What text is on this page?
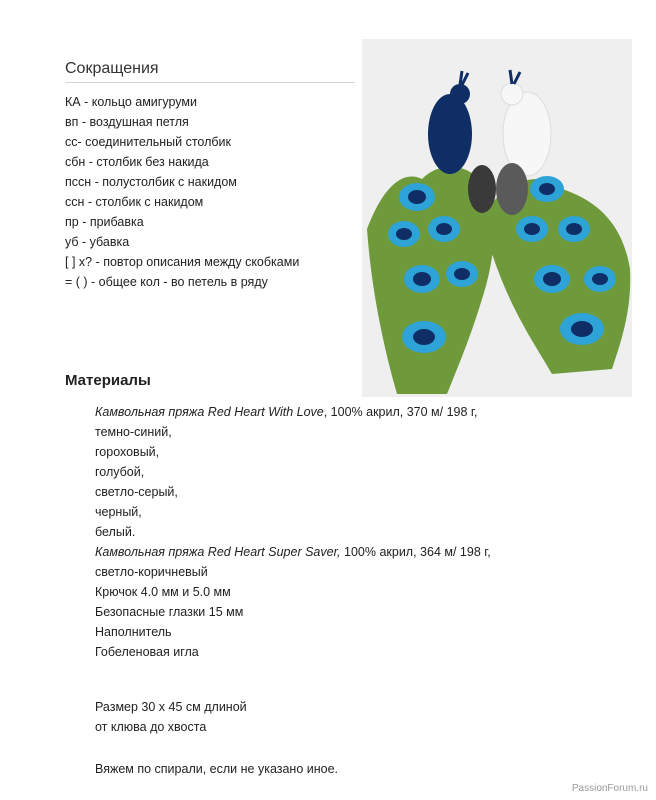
Сокращения
КА - кольцо амигуруми
вп - воздушная петля
сс- соединительный столбик
сбн - столбик без накида
пссн - полустолбик с накидом
ссн - столбик с накидом
пр - прибавка
уб - убавка
[ ] x? - повтор описания между скобками
= ( ) - общее кол - во петель в ряду
Материалы
Камвольная пряжа Red Heart With Love, 100% акрил, 370 м/ 198 г,
темно-синий,
гороховый,
голубой,
светло-серый,
черный,
белый.
Камвольная пряжа Red Heart Super Saver, 100% акрил, 364 м/ 198 г,
светло-коричневый
Крючок 4.0 мм и 5.0 мм
Безопасные глазки 15 мм
Наполнитель
Гобеленовая игла
Размер 30 х 45 см длиной
от клюва до хвоста
Вяжем по спирали, если не указано иное.
PassionForum.ru
